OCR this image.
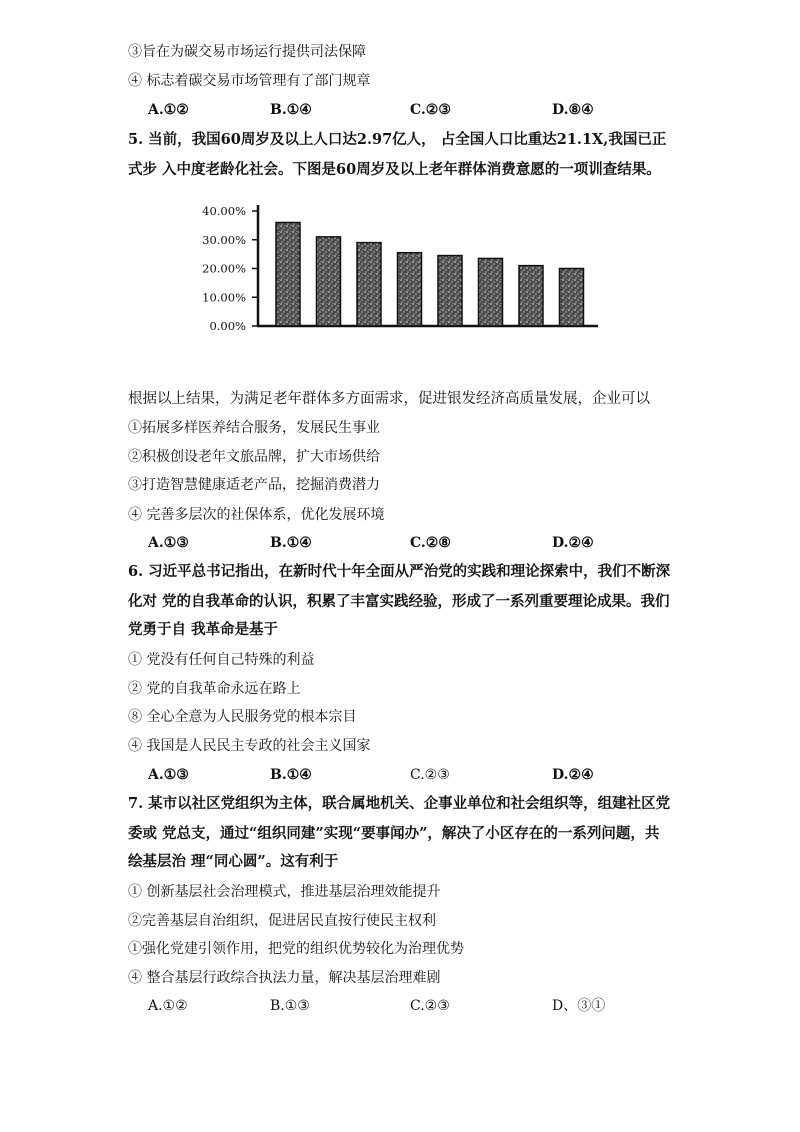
③旨在为碳交易市场运行提供司法保障
④ 标志着碳交易市场管理有了部门规章
A.①②	B.①④	C.②③	D.⑧④
5. 当前，我国60周岁及以上人口达2.97亿人， 占全国人口比重达21.1X,我国已正
式步 入中度老龄化社会。下图是60周岁及以上老年群体消费意愿的一项训查结果。
0.00%
10.00%
20.00%
30.00%
40.00%
根据以上结果，为满足老年群体多方面需求，促进银发经济高质量发展，企业可以
①拓展多样医养结合服务，发展民生事业
②积极创设老年文旅品牌，扩大市场供给
③打造智慧健康适老产品，挖掘消费潜力
④ 完善多层次的社保体系，优化发展环境
A.①③	B.①④	C.②⑧	D.②④
6. 习近平总书记指出，在新时代十年全面从严治党的实践和理论探索中，我们不断深
化对 党的自我革命的认识，积累了丰富实践经验，形成了一系列重要理论成果。我们
党勇于自 我革命是基于
① 党没有任何自己特殊的利益
② 党的自我革命永远在路上
⑧ 全心全意为人民服务党的根本宗目
④ 我国是人民民主专政的社会主义国家
A.①③	B.①④	C.②③	D.②④
7. 某市以社区党组织为主体，联合属地机关、企事业单位和社会组织等，组建社区党
委或 党总支，通过“组织同建”实现“要事闻办”，解决了小区存在的一系列问题，共
绘基层治 理“同心圆”。这有利于
① 创新基层社会治理模式，推进基层治理效能提升
②完善基层自治组织，促进居民直按行使民主权利
①强化党建引领作用，把党的组织优势较化为治理优势
④ 整合基层行政综合执法力量，解决基层治理难剧
A.①②	B.①③	C.②③	D、③①
